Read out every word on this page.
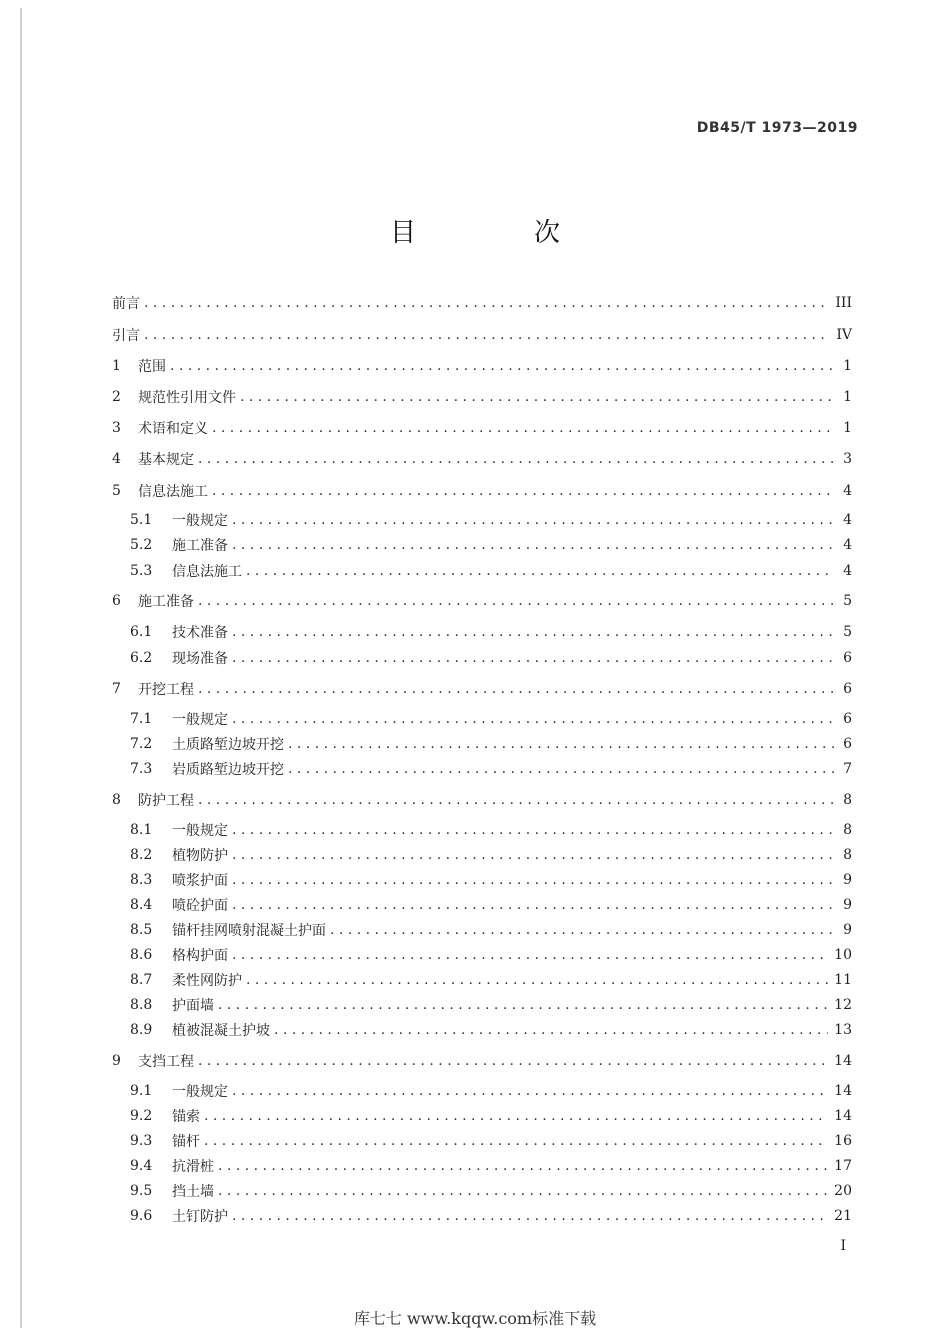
DB45/T 1973—2019
目　次
前言 . . .	III
引言 . . .	IV
1	范围 . . .	1
2	规范性引用文件 . . .	1
3	术语和定义 . . .	1
4	基本规定 . . .	3
5	信息法施工 . . .	4
5.1	一般规定 . . .	4
5.2	施工准备 . . .	4
5.3	信息法施工 . . .	4
6	施工准备 . . .	5
6.1	技术准备 . . .	5
6.2	现场准备 . . .	6
7	开挖工程 . . .	6
7.1	一般规定 . . .	6
7.2	土质路堑边坡开挖 . . .	6
7.3	岩质路堑边坡开挖 . . .	7
8	防护工程 . . .	8
8.1	一般规定 . . .	8
8.2	植物防护 . . .	8
8.3	喷浆护面 . . .	9
8.4	喷砼护面 . . .	9
8.5	锚杆挂网喷射混凝土护面 . . .	9
8.6	格构护面 . . .	10
8.7	柔性网防护 . . .	11
8.8	护面墙 . . .	12
8.9	植被混凝土护坡 . . .	13
9	支挡工程 . . .	14
9.1	一般规定 . . .	14
9.2	锚索 . . .	14
9.3	锚杆 . . .	16
9.4	抗滑桩 . . .	17
9.5	挡土墙 . . .	20
9.6	土钉防护 . . .	21
I
库七七 www.kqqw.com标准下载
